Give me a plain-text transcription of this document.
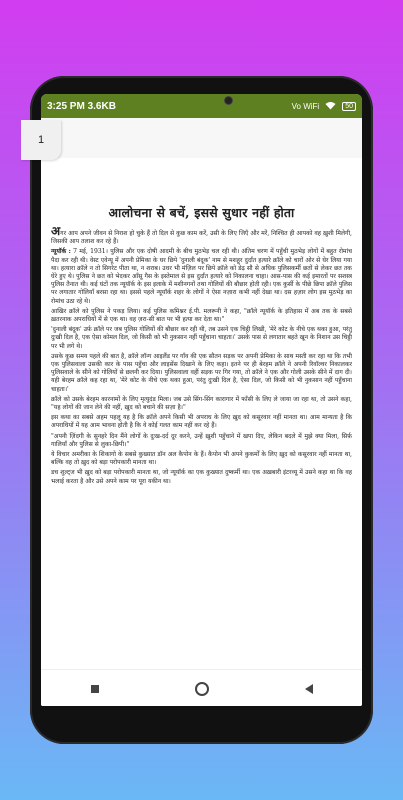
3:25 PM 3.6KB	Vo WiFi	50
आलोचना से बचें, इससे सुधार नहीं होता

अगर आप अपने जीवन से निराश हो चुके हैं तो दिल से कुछ काम करें, उसी के लिए जिएँ और मरें, निश्चित ही आपको वह ख़ुशी मिलेगी, जिसकी आप तलाश कर रहे हैं।

न्यूयॉर्क : 7 मई, 1931। पुलिस और एक दोषी आदमी के बीच मुठभेड़ चल रही थी। अंतिम चरण में पहुँची मुठभेड़ लोगों में बहुत रोमांच पैदा कर रही थी। वेस्ट एवेन्यू में अपनी प्रेमिका के घर छिपे 'दुनाली बंदूक' नाम से मशहूर दुर्दांत हत्यारे क्रॉले को चारों ओर से घेर लिया गया था। हत्यारा क्रॉले न तो सिगरेट पीता था, न शराब। उधर भी मंज़िल पर छिपे क्रॉले को डेढ़ सौ से अधिक पुलिसकर्मी छतों से लेकर छत तक घेरे हुए थे। पुलिस ने छत को भेदकर आँसू गैस के इस्तेमाल से इस दुर्दांत हत्यारे को निकालना चाहा। आस-पास की कई इमारतों पर सशस्त्र पुलिस तैनात थी। कई घंटों तक न्यूयॉर्क के इस इलाके में मशीनगनों तथा गोलियों की बौछार होती रही। एक कुर्सी के पीछे छिपा क्रॉले पुलिस पर लगातार गोलियाँ बरसा रहा था। इससे पहले न्यूयॉर्क शहर के लोगों ने ऐसा नज़ारा कभी नहीं देखा था। दस हज़ार लोग इस मुठभेड़ का रोमांच उठा रहे थे।

आखिर क्रॉले को पुलिस ने पकड़ लिया। कई पुलिस कमिश्नर ई.पी. मलरूनी ने कहा, "क्रॉले न्यूयॉर्क के इतिहास में अब तक के सबसे ख़तरनाक अपराधियों में से एक था। वह ज़रा-सी बात पर भी हत्या कर देता था।"

'दुनाली बंदूक' उर्फ़ क्रॉले पर जब पुलिस गोलियों की बौछार कर रही थी, तब उसने एक चिट्ठी लिखी, 'मेरे कोट के नीचे एक थका हुआ, परंतु दुःखी दिल है, एक ऐसा कोमल दिल, जो किसी को भी नुकसान नहीं पहुँचाना चाहता।' उसके पास से लगातार बहते खून के निशान उस चिट्ठी पर भी लगे थे।

उसके कुछ समय पहले की बात है, क्रॉले लॉन्ग आइलैंड पर गाँव की एक सौतन सड़क पर अपनी प्रेमिका के साथ मस्ती कर रहा था कि तभी एक पुलिसवाला उसकी कार के पास पहुँचा और लाइसेंस दिखाने के लिए कहा। इतने पर ही बेरहम क्रॉले ने अपनी रिवॉल्वर निकालकर पुलिसवाले के सीने को गोलियों से छलनी कर दिया। पुलिसवाला वहीं सड़क पर गिर गया, तो क्रॉले ने एक और गोली उसके सीने में दाग दी। यही बेरहम क्रॉले कह रहा था, 'मेरे कोट के नीचे एक थका हुआ, परंतु दुःखी दिल है, ऐसा दिल, जो किसी को भी नुकसान नहीं पहुँचाना चाहता।'

क्रॉले को उसके बेरहम कारनामों के लिए मृत्युदंड मिला। जब उसे सिंग-सिंग कारागार में फाँसी के लिए ले जाया जा रहा था, तो उसने कहा, "यह लोगों की जान लेने की नहीं, ख़ुद को बचाने की सज़ा है।"

इस कथा का सबसे अहम पहलू यह है कि क्रॉले अपने किसी भी अपराध के लिए ख़ुद को कसूरवार नहीं मानता था। आम मान्यता है कि अपराधियों में यह आम भावना होती है कि वे कोई गलत काम नहीं कर रहे हैं।

"अपनी ज़िंदगी के सुनहरे दिन मैंने लोगों के दुःख-दर्द दूर करने, उन्हें ख़ुशी पहुँचाने में खपा दिए, लेकिन बदले में मुझे क्या मिला, सिर्फ़ गालियाँ और पुलिस से लुका-छिपी।"

ये विचार अमरीका के शिकागो के सबसे कुख्यात डॉन अल कैपोन के हैं। कैपोन भी अपने कुकर्मों के लिए ख़ुद को कसूरवार नहीं मानता था, बल्कि वह तो ख़ुद को बड़ा परोपकारी मानता था।

डच शुल्ट्ज भी ख़ुद को बड़ा परोपकारी मानता था, जो न्यूयॉर्क का एक कुख्यात दुष्कर्मी था। एक अख़बारी इंटरव्यू में उसने कहा था कि वह भलाई करता है और उसे अपने काम पर पूरा यकीन था।

1
